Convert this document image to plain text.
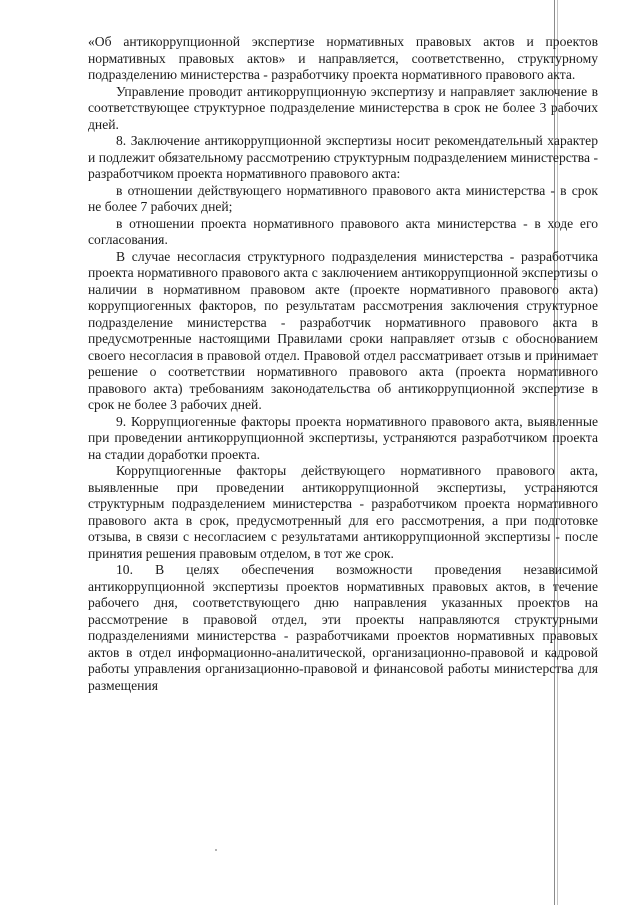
«Об антикоррупционной экспертизе нормативных правовых актов и проектов нормативных правовых актов» и направляется, соответственно, структурному подразделению министерства - разработчику проекта нормативного правового акта.

Управление проводит антикоррупционную экспертизу и направляет заключение в соответствующее структурное подразделение министерства в срок не более 3 рабочих дней.

8. Заключение антикоррупционной экспертизы носит рекомендательный характер и подлежит обязательному рассмотрению структурным подразделением министерства - разработчиком проекта нормативного правового акта:

в отношении действующего нормативного правового акта министерства - в срок не более 7 рабочих дней;

в отношении проекта нормативного правового акта министерства - в ходе его согласования.

В случае несогласия структурного подразделения министерства - разработчика проекта нормативного правового акта с заключением антикоррупционной экспертизы о наличии в нормативном правовом акте (проекте нормативного правового акта) коррупциогенных факторов, по результатам рассмотрения заключения структурное подразделение министерства - разработчик нормативного правового акта в предусмотренные настоящими Правилами сроки направляет отзыв с обоснованием своего несогласия в правовой отдел. Правовой отдел рассматривает отзыв и принимает решение о соответствии нормативного правового акта (проекта нормативного правового акта) требованиям законодательства об антикоррупционной экспертизе в срок не более 3 рабочих дней.

9. Коррупциогенные факторы проекта нормативного правового акта, выявленные при проведении антикоррупционной экспертизы, устраняются разработчиком проекта на стадии доработки проекта.

Коррупциогенные факторы действующего нормативного правового акта, выявленные при проведении антикоррупционной экспертизы, устраняются структурным подразделением министерства - разработчиком проекта нормативного правового акта в срок, предусмотренный для его рассмотрения, а при подготовке отзыва, в связи с несогласием с результатами антикоррупционной экспертизы - после принятия решения правовым отделом, в тот же срок.

10. В целях обеспечения возможности проведения независимой антикоррупционной экспертизы проектов нормативных правовых актов, в течение рабочего дня, соответствующего дню направления указанных проектов на рассмотрение в правовой отдел, эти проекты направляются структурными подразделениями министерства - разработчиками проектов нормативных правовых актов в отдел информационно-аналитической, организационно-правовой и кадровой работы управления организационно-правовой и финансовой работы министерства для размещения
